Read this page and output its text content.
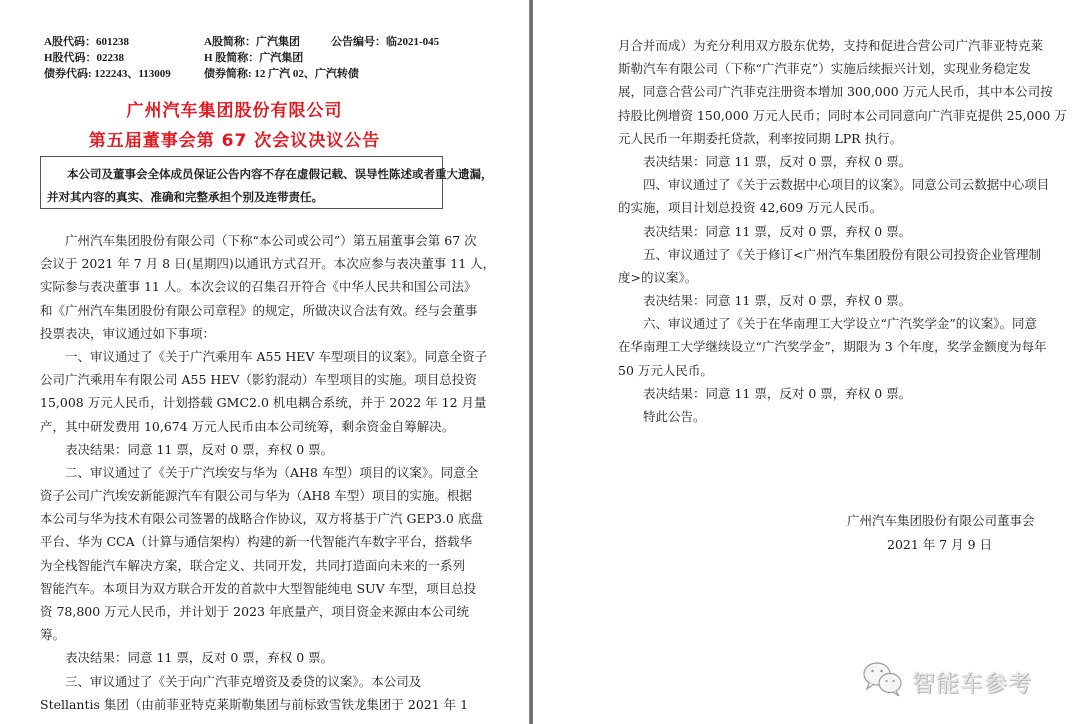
A股代码：601238	A股简称：广汽集团	公告编号：临2021-045
H股代码：02238	H 股简称：广汽集团
债券代码: 122243、113009	债券简称: 12 广汽 02、广汽转债
广州汽车集团股份有限公司
第五届董事会第 67 次会议决议公告

本公司及董事会全体成员保证公告内容不存在虚假记载、误导性陈述或者重大遗漏，

并对其内容的真实、准确和完整承担个别及连带责任。

　　广州汽车集团股份有限公司（下称“本公司或公司”）第五届董事会第 67 次
会议于 2021 年 7 月 8 日(星期四)以通讯方式召开。本次应参与表决董事 11 人，
实际参与表决董事 11 人。本次会议的召集召开符合《中华人民共和国公司法》
和《广州汽车集团股份有限公司章程》的规定，所做决议合法有效。经与会董事
投票表决，审议通过如下事项：
　　一、审议通过了《关于广汽乘用车 A55 HEV 车型项目的议案》。同意全资子
公司广汽乘用车有限公司 A55 HEV（影豹混动）车型项目的实施。项目总投资
15,008 万元人民币，计划搭载 GMC2.0 机电耦合系统，并于 2022 年 12 月量
产，其中研发费用 10,674 万元人民币由本公司统筹，剩余资金自筹解决。
　　表决结果：同意 11 票，反对 0 票，弃权 0 票。
　　二、审议通过了《关于广汽埃安与华为（AH8 车型）项目的议案》。同意全
资子公司广汽埃安新能源汽车有限公司与华为（AH8 车型）项目的实施。根据
本公司与华为技术有限公司签署的战略合作协议，双方将基于广汽 GEP3.0 底盘
平台、华为 CCA（计算与通信架构）构建的新一代智能汽车数字平台，搭载华
为全栈智能汽车解决方案，联合定义、共同开发，共同打造面向未来的一系列
智能汽车。本项目为双方联合开发的首款中大型智能纯电 SUV 车型，项目总投
资 78,800 万元人民币，并计划于 2023 年底量产，项目资金来源由本公司统
筹。
　　表决结果：同意 11 票，反对 0 票，弃权 0 票。
　　三、审议通过了《关于向广汽菲克增资及委贷的议案》。本公司及
Stellantis 集团（由前菲亚特克莱斯勒集团与前标致雪铁龙集团于 2021 年 1
月合并而成）为充分利用双方股东优势，支持和促进合营公司广汽菲亚特克莱
斯勒汽车有限公司（下称“广汽菲克”）实施后续振兴计划，实现业务稳定发
展，同意合营公司广汽菲克注册资本增加 300,000 万元人民币，其中本公司按
持股比例增资 150,000 万元人民币；同时本公司同意向广汽菲克提供 25,000 万
元人民币一年期委托贷款，利率按同期 LPR 执行。
　　表决结果：同意 11 票，反对 0 票，弃权 0 票。
　　四、审议通过了《关于云数据中心项目的议案》。同意公司云数据中心项目
的实施，项目计划总投资 42,609 万元人民币。
　　表决结果：同意 11 票，反对 0 票，弃权 0 票。
　　五、审议通过了《关于修订<广州汽车集团股份有限公司投资企业管理制
度>的议案》。
　　表决结果：同意 11 票，反对 0 票，弃权 0 票。
　　六、审议通过了《关于在华南理工大学设立“广汽奖学金”的议案》。同意
在华南理工大学继续设立“广汽奖学金”，期限为 3 个年度，奖学金额度为每年
50 万元人民币。
　　表决结果：同意 11 票，反对 0 票，弃权 0 票。
　　特此公告。
广州汽车集团股份有限公司董事会
2021 年 7 月 9 日
智能车参考
